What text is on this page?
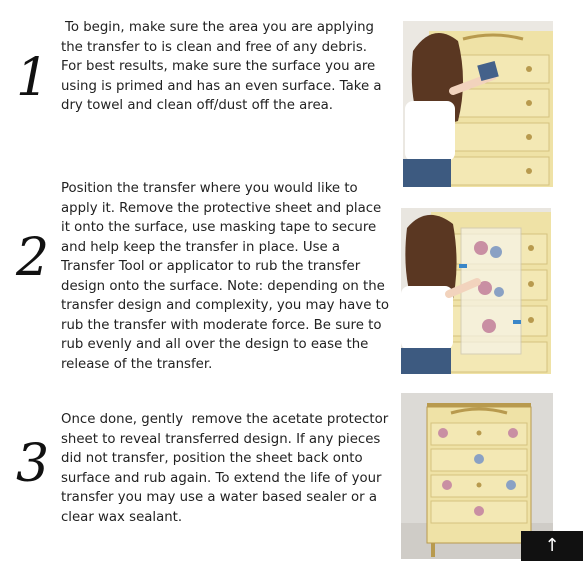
1

To begin, make sure the area you are applying the transfer to is clean and free of any debris. For best results, make sure the surface you are using is primed and has an even surface. Take a dry towel and clean off/dust off the area.

2

Position the transfer where you would like to apply it. Remove the protective sheet and place it onto the surface, use masking tape to secure and help keep the transfer in place. Use a Transfer Tool or applicator to rub the transfer design onto the surface. Note: depending on the transfer design and complexity, you may have to rub the transfer with moderate force. Be sure to rub evenly and all over the design to ease the release of the transfer.

3

Once done, gently  remove the acetate protector sheet to reveal transferred design. If any pieces did not transfer, position the sheet back onto surface and rub again. To extend the life of your transfer you may use a water based sealer or a clear wax sealant.

↑
